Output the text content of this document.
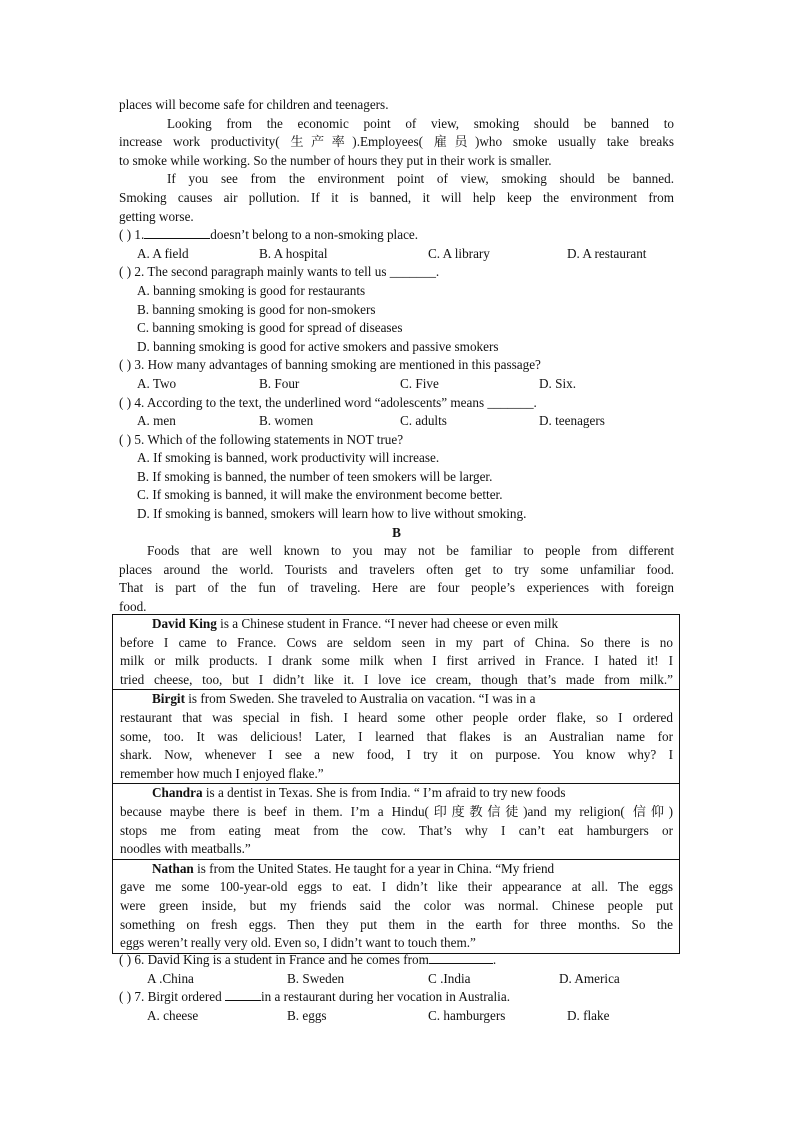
places will become safe for children and teenagers.
Looking from the economic point of view, smoking should be banned to
increase work productivity( 生产率).Employees( 雇员)who smoke usually take breaks
to smoke while working. So the number of hours they put in their work is smaller.
If you see from the environment point of view, smoking should be banned.
Smoking causes air pollution. If it is banned, it will help keep the environment from
getting worse.
( ) 1.	doesn’t belong to a non-smoking place.
A. A field	B. A hospital	C. A library	D. A restaurant
( ) 2. The second paragraph mainly wants to tell us _______.
A. banning smoking is good for restaurants
B. banning smoking is good for non-smokers
C. banning smoking is good for spread of diseases
D. banning smoking is good for active smokers and passive smokers
( ) 3. How many advantages of banning smoking are mentioned in this passage?
A. Two	B. Four	C. Five	D. Six.
( ) 4. According to the text, the underlined word “adolescents” means _______.
A. men	B. women	C. adults	D. teenagers
( ) 5. Which of the following statements in NOT true?
A. If smoking is banned, work productivity will increase.
B. If smoking is banned, the number of teen smokers will be larger.
C. If smoking is banned, it will make the environment become better.
D. If smoking is banned, smokers will learn how to live without smoking.
B
Foods that are well known to you may not be familiar to people from different
places around the world. Tourists and travelers often get to try some unfamiliar food.
That is part of the fun of traveling. Here are four people’s experiences with foreign
food.
David King is a Chinese student in France. “I never had cheese or even milk
before I came to France. Cows are seldom seen in my part of China. So there is no
milk or milk products. I drank some milk when I first arrived in France. I hated it! I
tried cheese, too, but I didn’t like it. I love ice cream, though that’s made from milk.”
Birgit is from Sweden. She traveled to Australia on vacation. “I was in a
restaurant that was special in fish. I heard some other people order flake, so I ordered
some, too. It was delicious! Later, I learned that flakes is an Australian name for
shark. Now, whenever I see a new food, I try it on purpose. You know why? I
remember how much I enjoyed flake.”
Chandra is a dentist in Texas. She is from India. “ I’m afraid to try new foods
because maybe there is beef in them. I’m a Hindu(印度教信徒)and my religion( 信仰)
stops me from eating meat from the cow. That’s why I can’t eat hamburgers or
noodles with meatballs.”
Nathan is from the United States. He taught for a year in China. “My friend
gave me some 100-year-old eggs to eat. I didn’t like their appearance at all. The eggs
were green inside, but my friends said the color was normal. Chinese people put
something on fresh eggs. Then they put them in the earth for three months. So the
eggs weren’t really very old. Even so, I didn’t want to touch them.”
( ) 6. David King is a student in France and he comes from	.
A .China	B. Sweden	C .India	D. America
( ) 7. Birgit ordered	in a restaurant during her vocation in Australia.
A. cheese	B. eggs	C. hamburgers	D. flake
